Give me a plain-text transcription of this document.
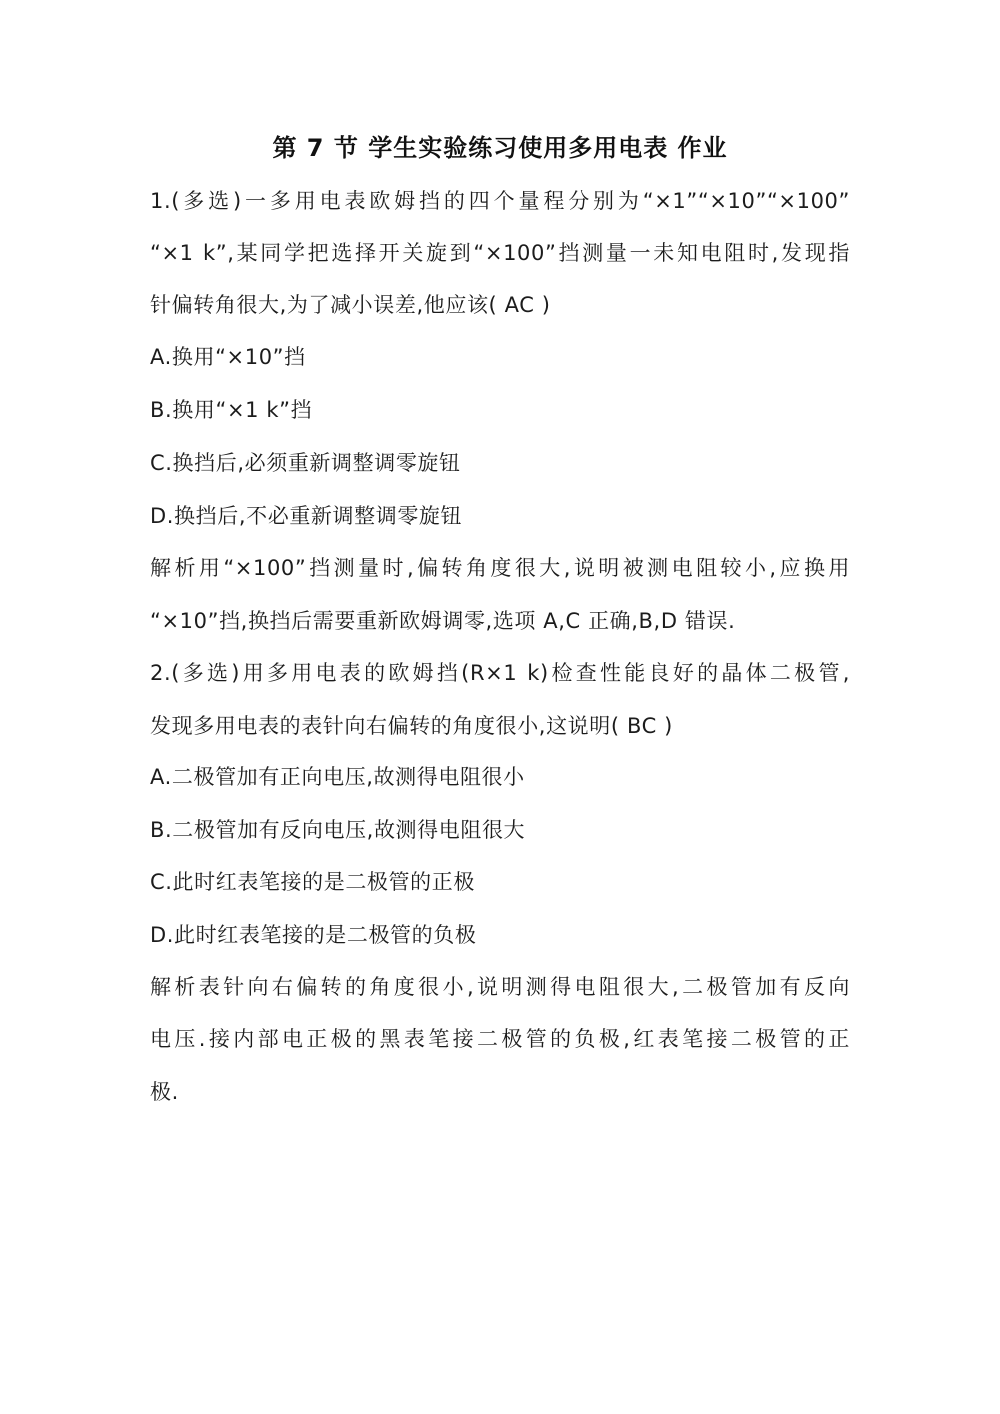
第 7 节 学生实验练习使用多用电表 作业
1.(多选)一多用电表欧姆挡的四个量程分别为“×1”“×10”“×100”
“×1 k”,某同学把选择开关旋到“×100”挡测量一未知电阻时,发现指
针偏转角很大,为了减小误差,他应该( AC )
A.换用“×10”挡
B.换用“×1 k”挡
C.换挡后,必须重新调整调零旋钮
D.换挡后,不必重新调整调零旋钮
解析用“×100”挡测量时,偏转角度很大,说明被测电阻较小,应换用
“×10”挡,换挡后需要重新欧姆调零,选项 A,C 正确,B,D 错误.
2.(多选)用多用电表的欧姆挡(R×1 k)检查性能良好的晶体二极管,
发现多用电表的表针向右偏转的角度很小,这说明( BC )
A.二极管加有正向电压,故测得电阻很小
B.二极管加有反向电压,故测得电阻很大
C.此时红表笔接的是二极管的正极
D.此时红表笔接的是二极管的负极
解析表针向右偏转的角度很小,说明测得电阻很大,二极管加有反向
电压.接内部电正极的黑表笔接二极管的负极,红表笔接二极管的正
极.
